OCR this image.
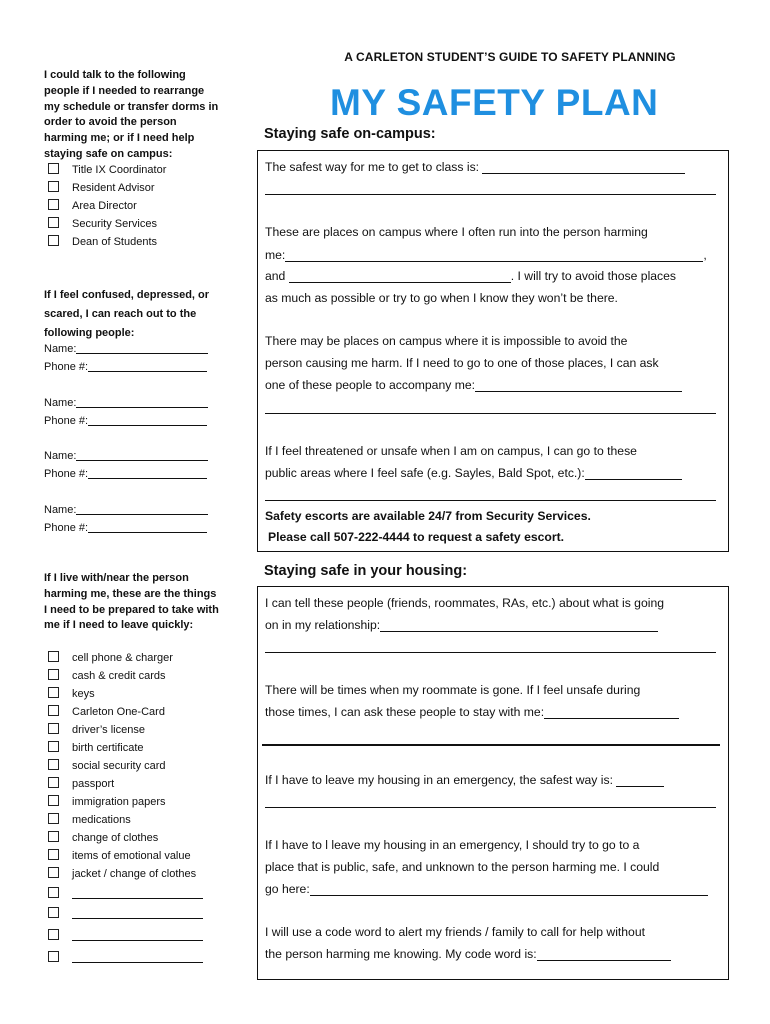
A CARLETON STUDENT’S GUIDE TO SAFETY PLANNING
MY SAFETY PLAN
I could talk to the following people if I needed to rearrange my schedule or transfer dorms in order to avoid the person harming me; or if I need help staying safe on campus:
Title IX Coordinator
Resident Advisor
Area Director
Security Services
Dean of Students
If I feel confused, depressed, or scared, I can reach out to the following people:
Name:
Phone #:
Name:
Phone #:
Name:
Phone #:
Name:
Phone #:
If I live with/near the person harming me, these are the things I need to be prepared to take with me if I need to leave quickly:
cell phone & charger
cash & credit cards
keys
Carleton One-Card
driver’s license
birth certificate
social security card
passport
immigration papers
medications
change of clothes
items of emotional value
jacket / change of clothes
Staying safe on-campus:
The safest way for me to get to class is:
These are places on campus where I often run into the person harming
me:	,
and	. I will try to avoid those places
as much as possible or try to go when I know they won’t be there.
There may be places on campus where it is impossible to avoid the
person causing me harm. If I need to go to one of those places, I can ask
one of these people to accompany me:
If I feel threatened or unsafe when I am on campus, I can go to these
public areas where I feel safe (e.g. Sayles, Bald Spot, etc.):
Safety escorts are available 24/7 from Security Services.
Please call 507-222-4444 to request a safety escort.
Staying safe in your housing:
I can tell these people (friends, roommates, RAs, etc.) about what is going
on in my relationship:
There will be times when my roommate is gone. If I feel unsafe during
those times, I can ask these people to stay with me:
If I have to leave my housing in an emergency, the safest way is:
If I have to l leave my housing in an emergency, I should try to go to a
place that is public, safe, and unknown to the person harming me. I could
go here:
I will use a code word to alert my friends / family to call for help without
the person harming me knowing. My code word is:
